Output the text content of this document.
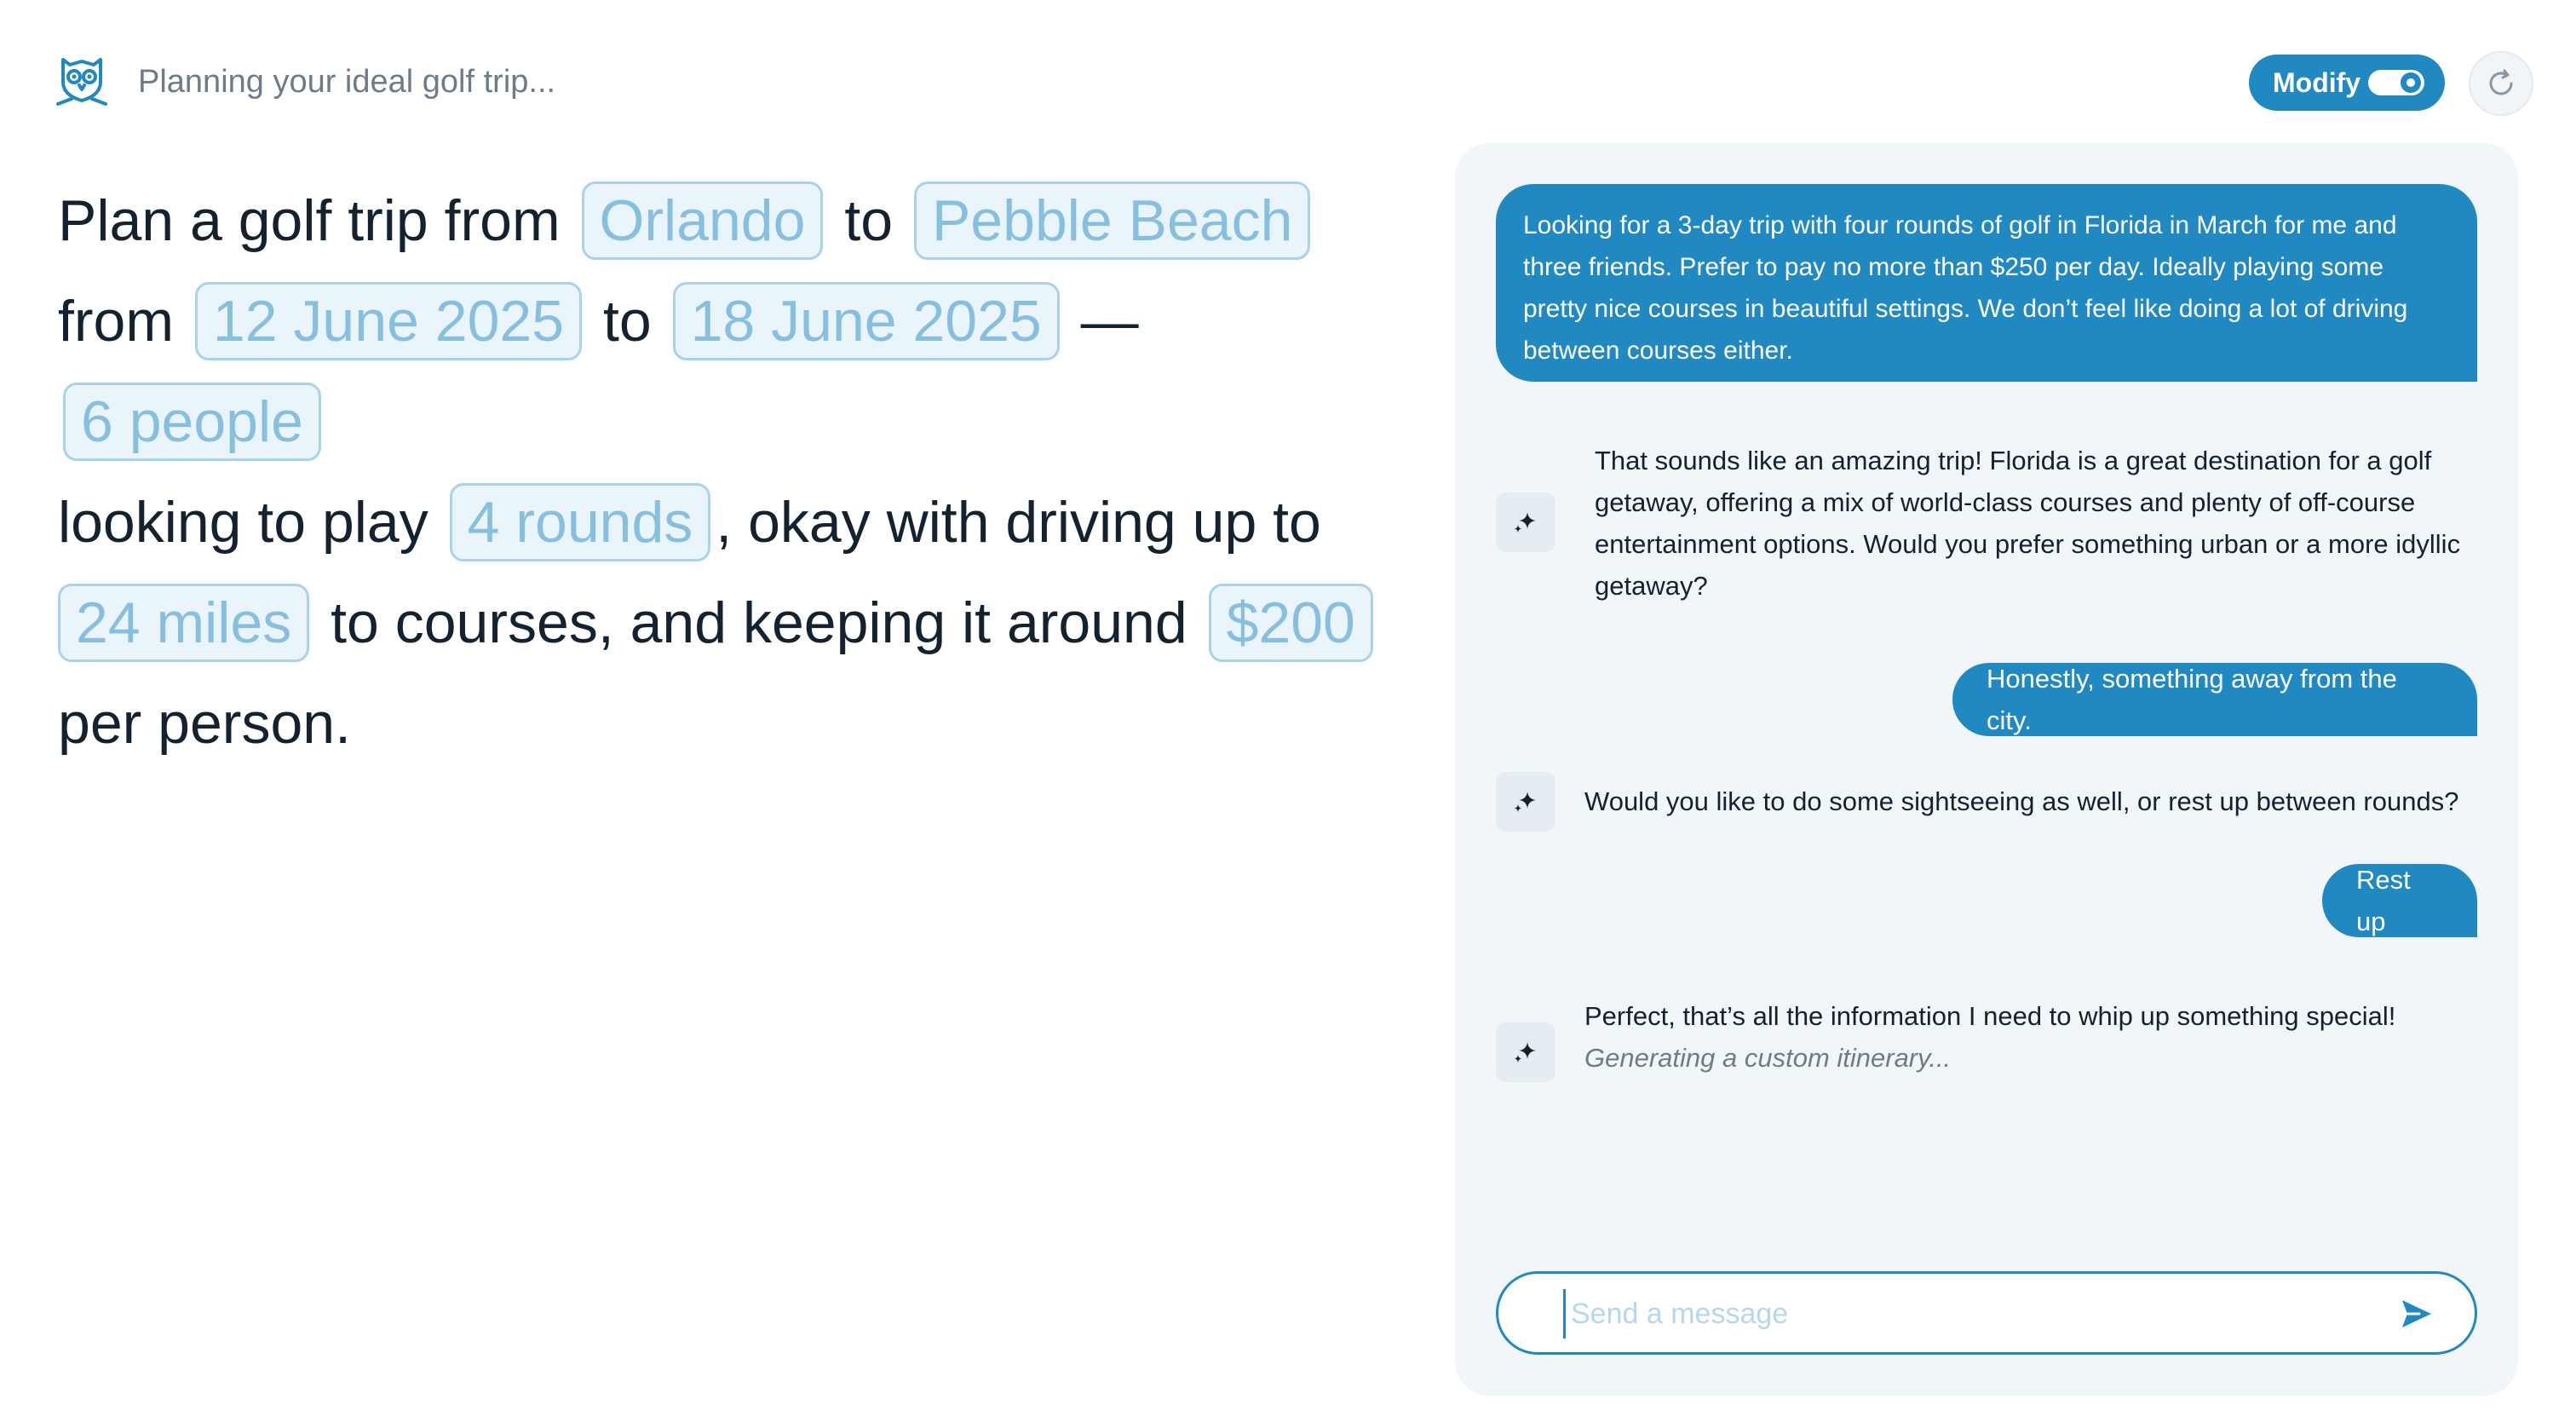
Planning your ideal golf trip...	Modify
Plan a golf trip from Orlando to Pebble Beach
from 12 June 2025 to 18 June 2025 — 6 people
looking to play 4 rounds , okay with driving up to
24 miles to courses, and keeping it around $200
per person.
Looking for a 3-day trip with four rounds of golf in Florida in March for me and three friends. Prefer to pay no more than $250 per day. Ideally playing some pretty nice courses in beautiful settings. We don’t feel like doing a lot of driving between courses either.
That sounds like an amazing trip! Florida is a great destination for a golf getaway, offering a mix of world-class courses and plenty of off-course entertainment options. Would you prefer something urban or a more idyllic getaway?
Honestly, something away from the city.
Would you like to do some sightseeing as well, or rest up between rounds?
Rest up
Perfect, that’s all the information I need to whip up something special!
Generating a custom itinerary...
Send a message
